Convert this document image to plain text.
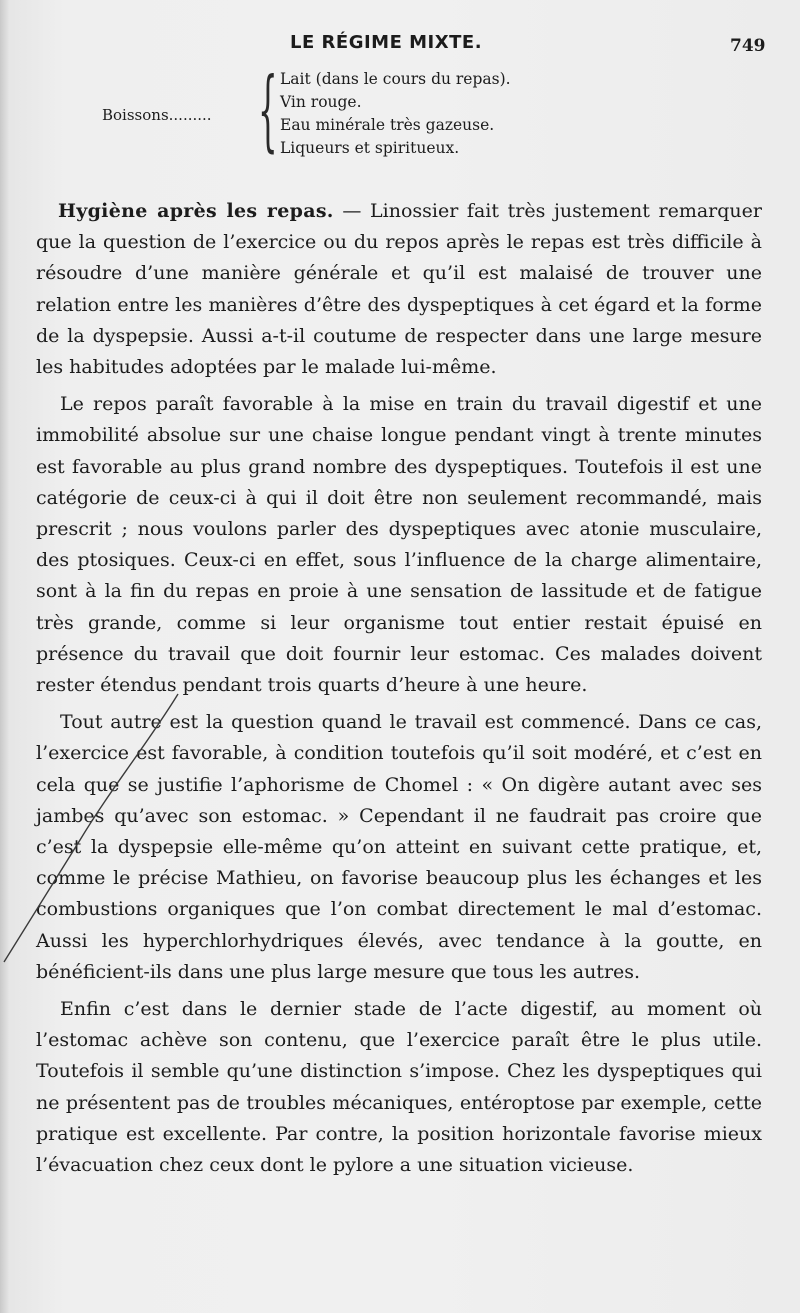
LE RÉGIME MIXTE.	749
Boissons......... { Lait (dans le cours du repas).
Vin rouge.
Eau minérale très gazeuse.
Liqueurs et spiritueux.

Hygiène après les repas. — Linossier fait très justement remarquer que la question de l’exercice ou du repos après le repas est très difficile à résoudre d’une manière générale et qu’il est malaisé de trouver une relation entre les manières d’être des dyspeptiques à cet égard et la forme de la dyspepsie. Aussi a-t-il coutume de respecter dans une large mesure les habitudes adoptées par le malade lui-même.

Le repos paraît favorable à la mise en train du travail digestif et une immobilité absolue sur une chaise longue pendant vingt à trente minutes est favorable au plus grand nombre des dyspeptiques. Toutefois il est une catégorie de ceux-ci à qui il doit être non seulement recommandé, mais prescrit ; nous voulons parler des dyspeptiques avec atonie musculaire, des ptosiques. Ceux-ci en effet, sous l’influence de la charge alimentaire, sont à la fin du repas en proie à une sensation de lassitude et de fatigue très grande, comme si leur organisme tout entier restait épuisé en présence du travail que doit fournir leur estomac. Ces malades doivent rester étendus pendant trois quarts d’heure à une heure.

Tout autre est la question quand le travail est commencé. Dans ce cas, l’exercice est favorable, à condition toutefois qu’il soit modéré, et c’est en cela que se justifie l’aphorisme de Chomel : « On digère autant avec ses jambes qu’avec son estomac. » Cependant il ne faudrait pas croire que c’est la dyspepsie elle-même qu’on atteint en suivant cette pratique, et, comme le précise Mathieu, on favorise beaucoup plus les échanges et les combustions organiques que l’on combat directement le mal d’estomac. Aussi les hyperchlorhydriques élevés, avec tendance à la goutte, en bénéficient-ils dans une plus large mesure que tous les autres.

Enfin c’est dans le dernier stade de l’acte digestif, au moment où l’estomac achève son contenu, que l’exercice paraît être le plus utile. Toutefois il semble qu’une distinction s’impose. Chez les dyspeptiques qui ne présentent pas de troubles mécaniques, entéroptose par exemple, cette pratique est excellente. Par contre, la position horizontale favorise mieux l’évacuation chez ceux dont le pylore a une situation vicieuse.
